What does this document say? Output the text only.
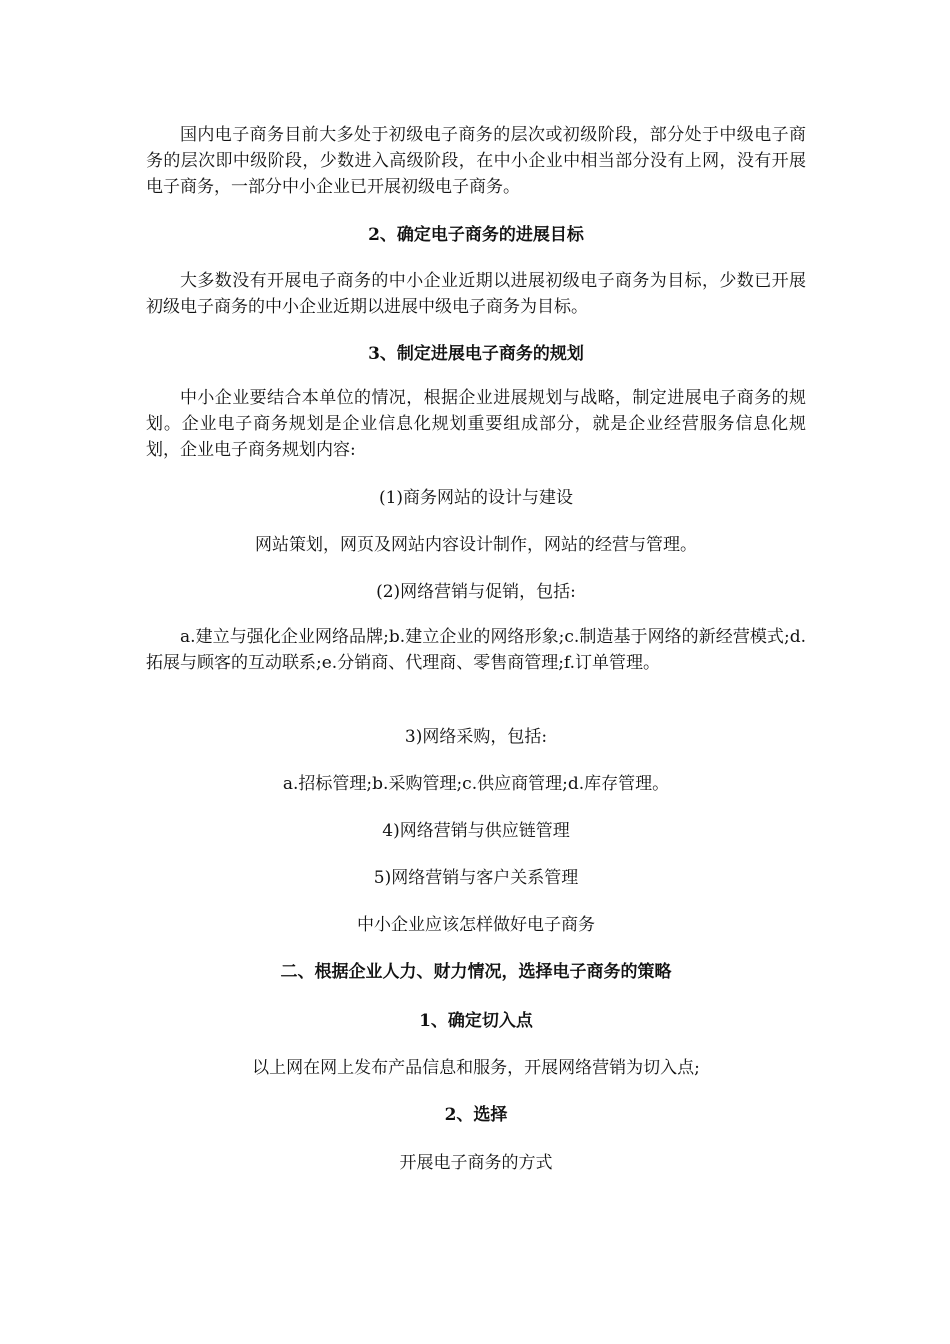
国内电子商务目前大多处于初级电子商务的层次或初级阶段，部分处于中级电子商务的层次即中级阶段，少数进入高级阶段，在中小企业中相当部分没有上网，没有开展电子商务，一部分中小企业已开展初级电子商务。

2、确定电子商务的进展目标

大多数没有开展电子商务的中小企业近期以进展初级电子商务为目标，少数已开展初级电子商务的中小企业近期以进展中级电子商务为目标。

3、制定进展电子商务的规划

中小企业要结合本单位的情况，根据企业进展规划与战略，制定进展电子商务的规划。企业电子商务规划是企业信息化规划重要组成部分，就是企业经营服务信息化规划，企业电子商务规划内容:

(1)商务网站的设计与建设

网站策划，网页及网站内容设计制作，网站的经营与管理。

(2)网络营销与促销，包括:

a.建立与强化企业网络品牌;b.建立企业的网络形象;c.制造基于网络的新经营模式;d.拓展与顾客的互动联系;e.分销商、代理商、零售商管理;f.订单管理。

3)网络采购，包括:

a.招标管理;b.采购管理;c.供应商管理;d.库存管理。

4)网络营销与供应链管理

5)网络营销与客户关系管理

中小企业应该怎样做好电子商务

二、根据企业人力、财力情况，选择电子商务的策略

1、确定切入点

以上网在网上发布产品信息和服务，开展网络营销为切入点;

2、选择

开展电子商务的方式
